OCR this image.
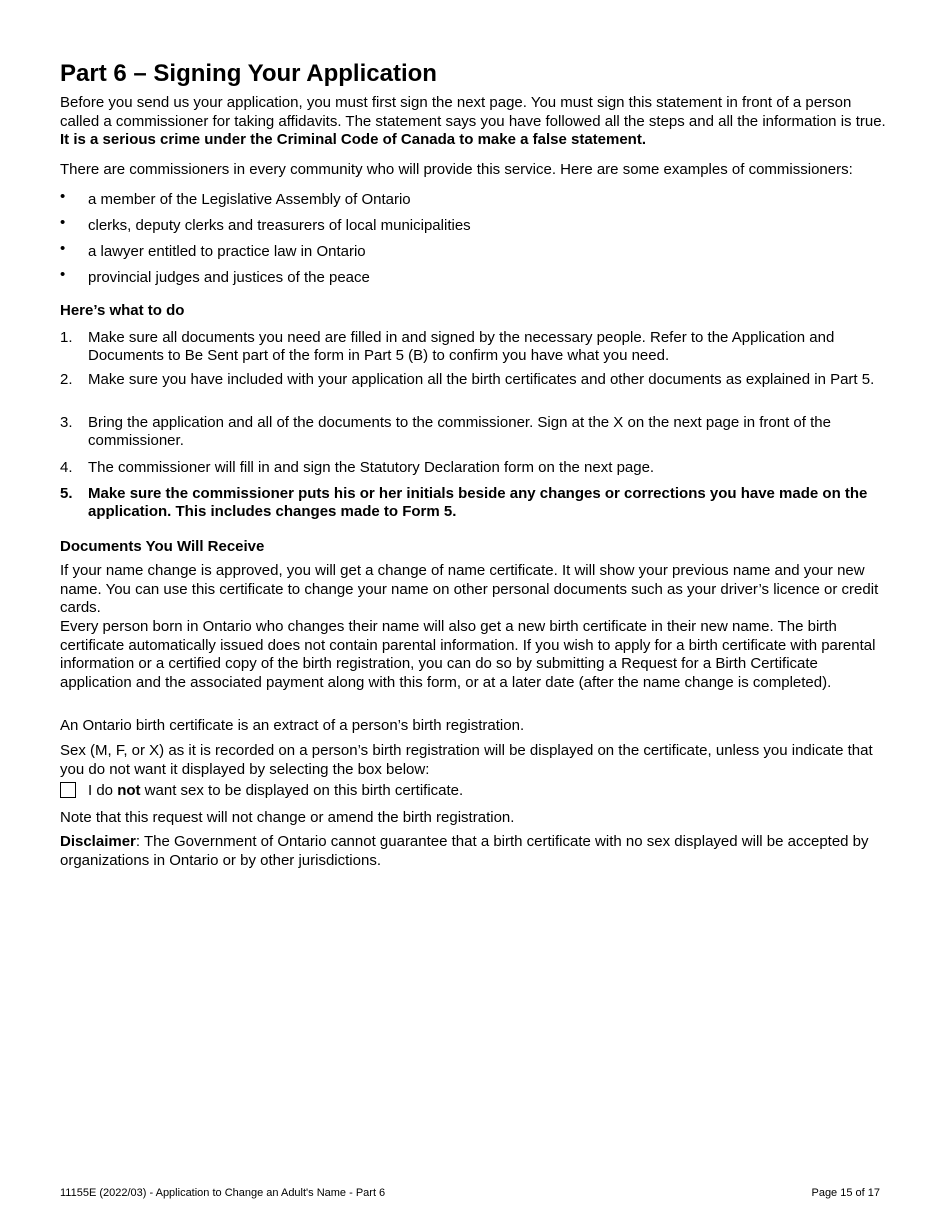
Part 6 – Signing Your Application

Before you send us your application, you must first sign the next page. You must sign this statement in front of a person called a commissioner for taking affidavits. The statement says you have followed all the steps and all the information is true. It is a serious crime under the Criminal Code of Canada to make a false statement.

There are commissioners in every community who will provide this service. Here are some examples of commissioners:

• a member of the Legislative Assembly of Ontario
• clerks, deputy clerks and treasurers of local municipalities
• a lawyer entitled to practice law in Ontario
• provincial judges and justices of the peace
Here’s what to do
1. Make sure all documents you need are filled in and signed by the necessary people. Refer to the Application and Documents to Be Sent part of the form in Part 5 (B) to confirm you have what you need.
2. Make sure you have included with your application all the birth certificates and other documents as explained in Part 5.
3. Bring the application and all of the documents to the commissioner. Sign at the X on the next page in front of the commissioner.
4. The commissioner will fill in and sign the Statutory Declaration form on the next page.
5. Make sure the commissioner puts his or her initials beside any changes or corrections you have made on the application. This includes changes made to Form 5.
Documents You Will Receive

If your name change is approved, you will get a change of name certificate. It will show your previous name and your new name. You can use this certificate to change your name on other personal documents such as your driver’s licence or credit cards.

Every person born in Ontario who changes their name will also get a new birth certificate in their new name. The birth certificate automatically issued does not contain parental information. If you wish to apply for a birth certificate with parental information or a certified copy of the birth registration, you can do so by submitting a Request for a Birth Certificate application and the associated payment along with this form, or at a later date (after the name change is completed).

An Ontario birth certificate is an extract of a person’s birth registration.

Sex (M, F, or X) as it is recorded on a person’s birth registration will be displayed on the certificate, unless you indicate that you do not want it displayed by selecting the box below:

I do not want sex to be displayed on this birth certificate.

Note that this request will not change or amend the birth registration.

Disclaimer: The Government of Ontario cannot guarantee that a birth certificate with no sex displayed will be accepted by organizations in Ontario or by other jurisdictions.

11155E (2022/03) - Application to Change an Adult's Name - Part 6	Page 15 of 17
